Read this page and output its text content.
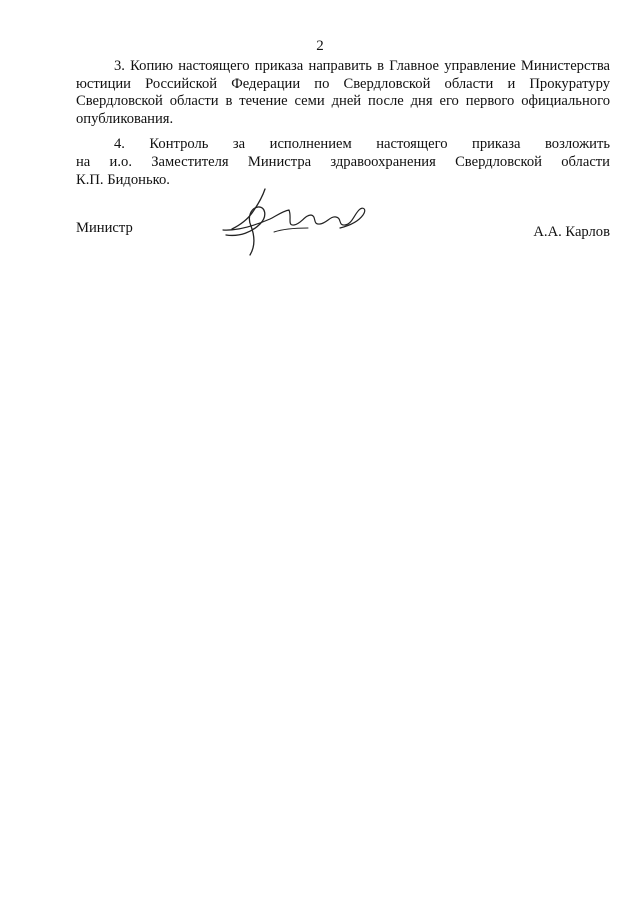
2

3. Копию настоящего приказа направить в Главное управление Министерства
юстиции Российской Федерации по Свердловской области и Прокуратуру
Свердловской области в течение семи дней после дня его первого официального
опубликования.

4. Контроль за исполнением настоящего приказа возложить
на и.о. Заместителя Министра здравоохранения Свердловской области
К.П. Бидонько.

Министр	А.А. Карлов
